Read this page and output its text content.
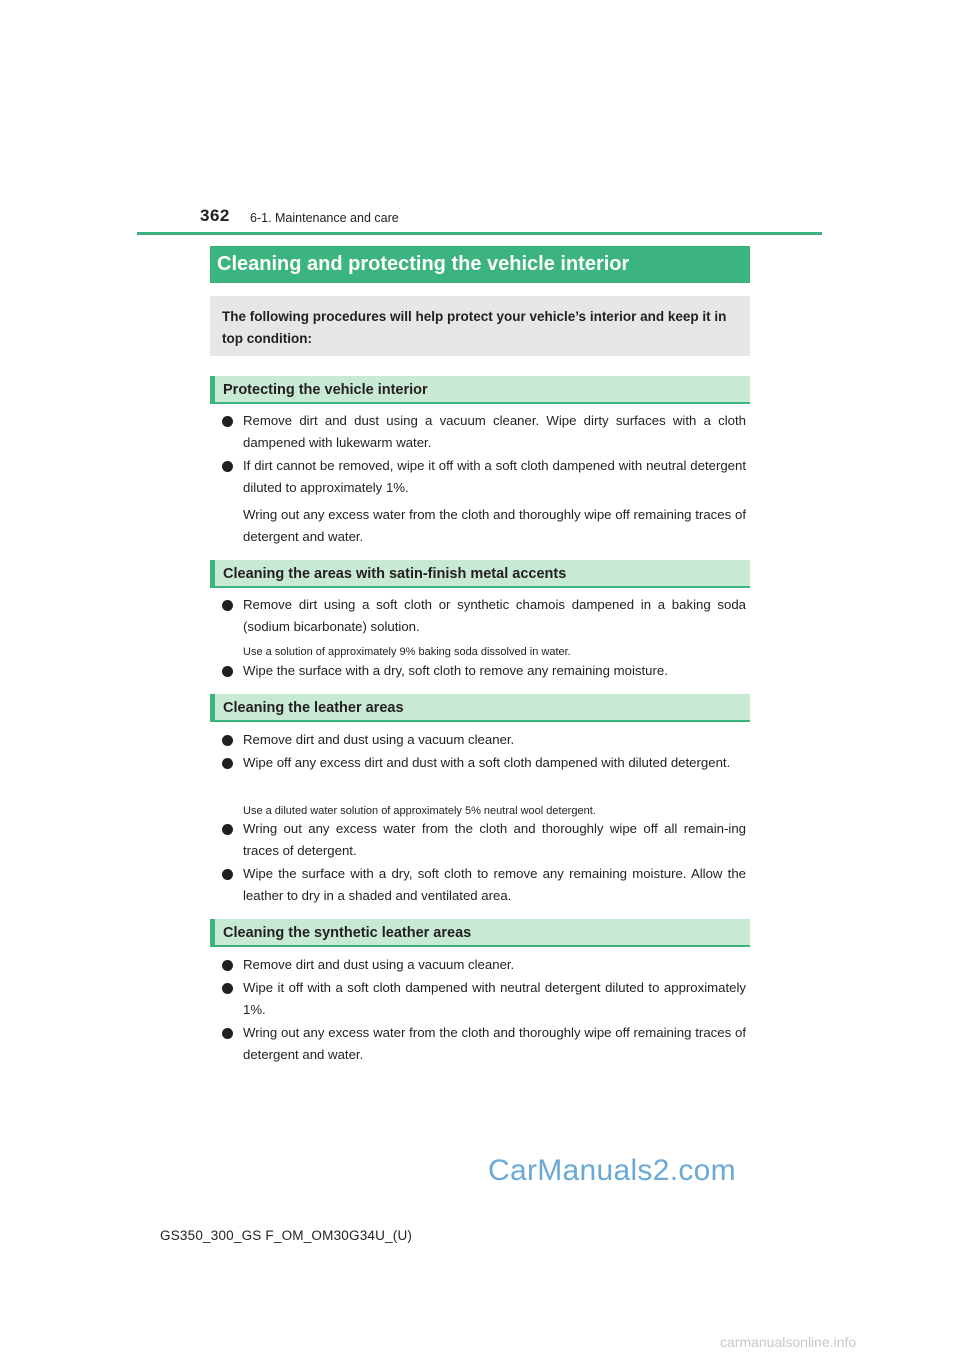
362 6-1. Maintenance and care
Cleaning and protecting the vehicle interior
The following procedures will help protect your vehicle’s interior and keep it in top condition:
Protecting the vehicle interior
Remove dirt and dust using a vacuum cleaner. Wipe dirty surfaces with a cloth dampened with lukewarm water.
If dirt cannot be removed, wipe it off with a soft cloth dampened with neutral detergent diluted to approximately 1%.
Wring out any excess water from the cloth and thoroughly wipe off remaining traces of detergent and water.
Cleaning the areas with satin-finish metal accents
Remove dirt using a soft cloth or synthetic chamois dampened in a baking soda (sodium bicarbonate) solution.
Use a solution of approximately 9% baking soda dissolved in water.
Wipe the surface with a dry, soft cloth to remove any remaining moisture.
Cleaning the leather areas
Remove dirt and dust using a vacuum cleaner.
Wipe off any excess dirt and dust with a soft cloth dampened with diluted detergent.
Use a diluted water solution of approximately 5% neutral wool detergent.
Wring out any excess water from the cloth and thoroughly wipe off all remain-ing traces of detergent.
Wipe the surface with a dry, soft cloth to remove any remaining moisture. Allow the leather to dry in a shaded and ventilated area.
Cleaning the synthetic leather areas
Remove dirt and dust using a vacuum cleaner.
Wipe it off with a soft cloth dampened with neutral detergent diluted to approximately 1%.
Wring out any excess water from the cloth and thoroughly wipe off remaining traces of detergent and water.
CarManuals2.com
GS350_300_GS F_OM_OM30G34U_(U)
carmanualsonline.info
